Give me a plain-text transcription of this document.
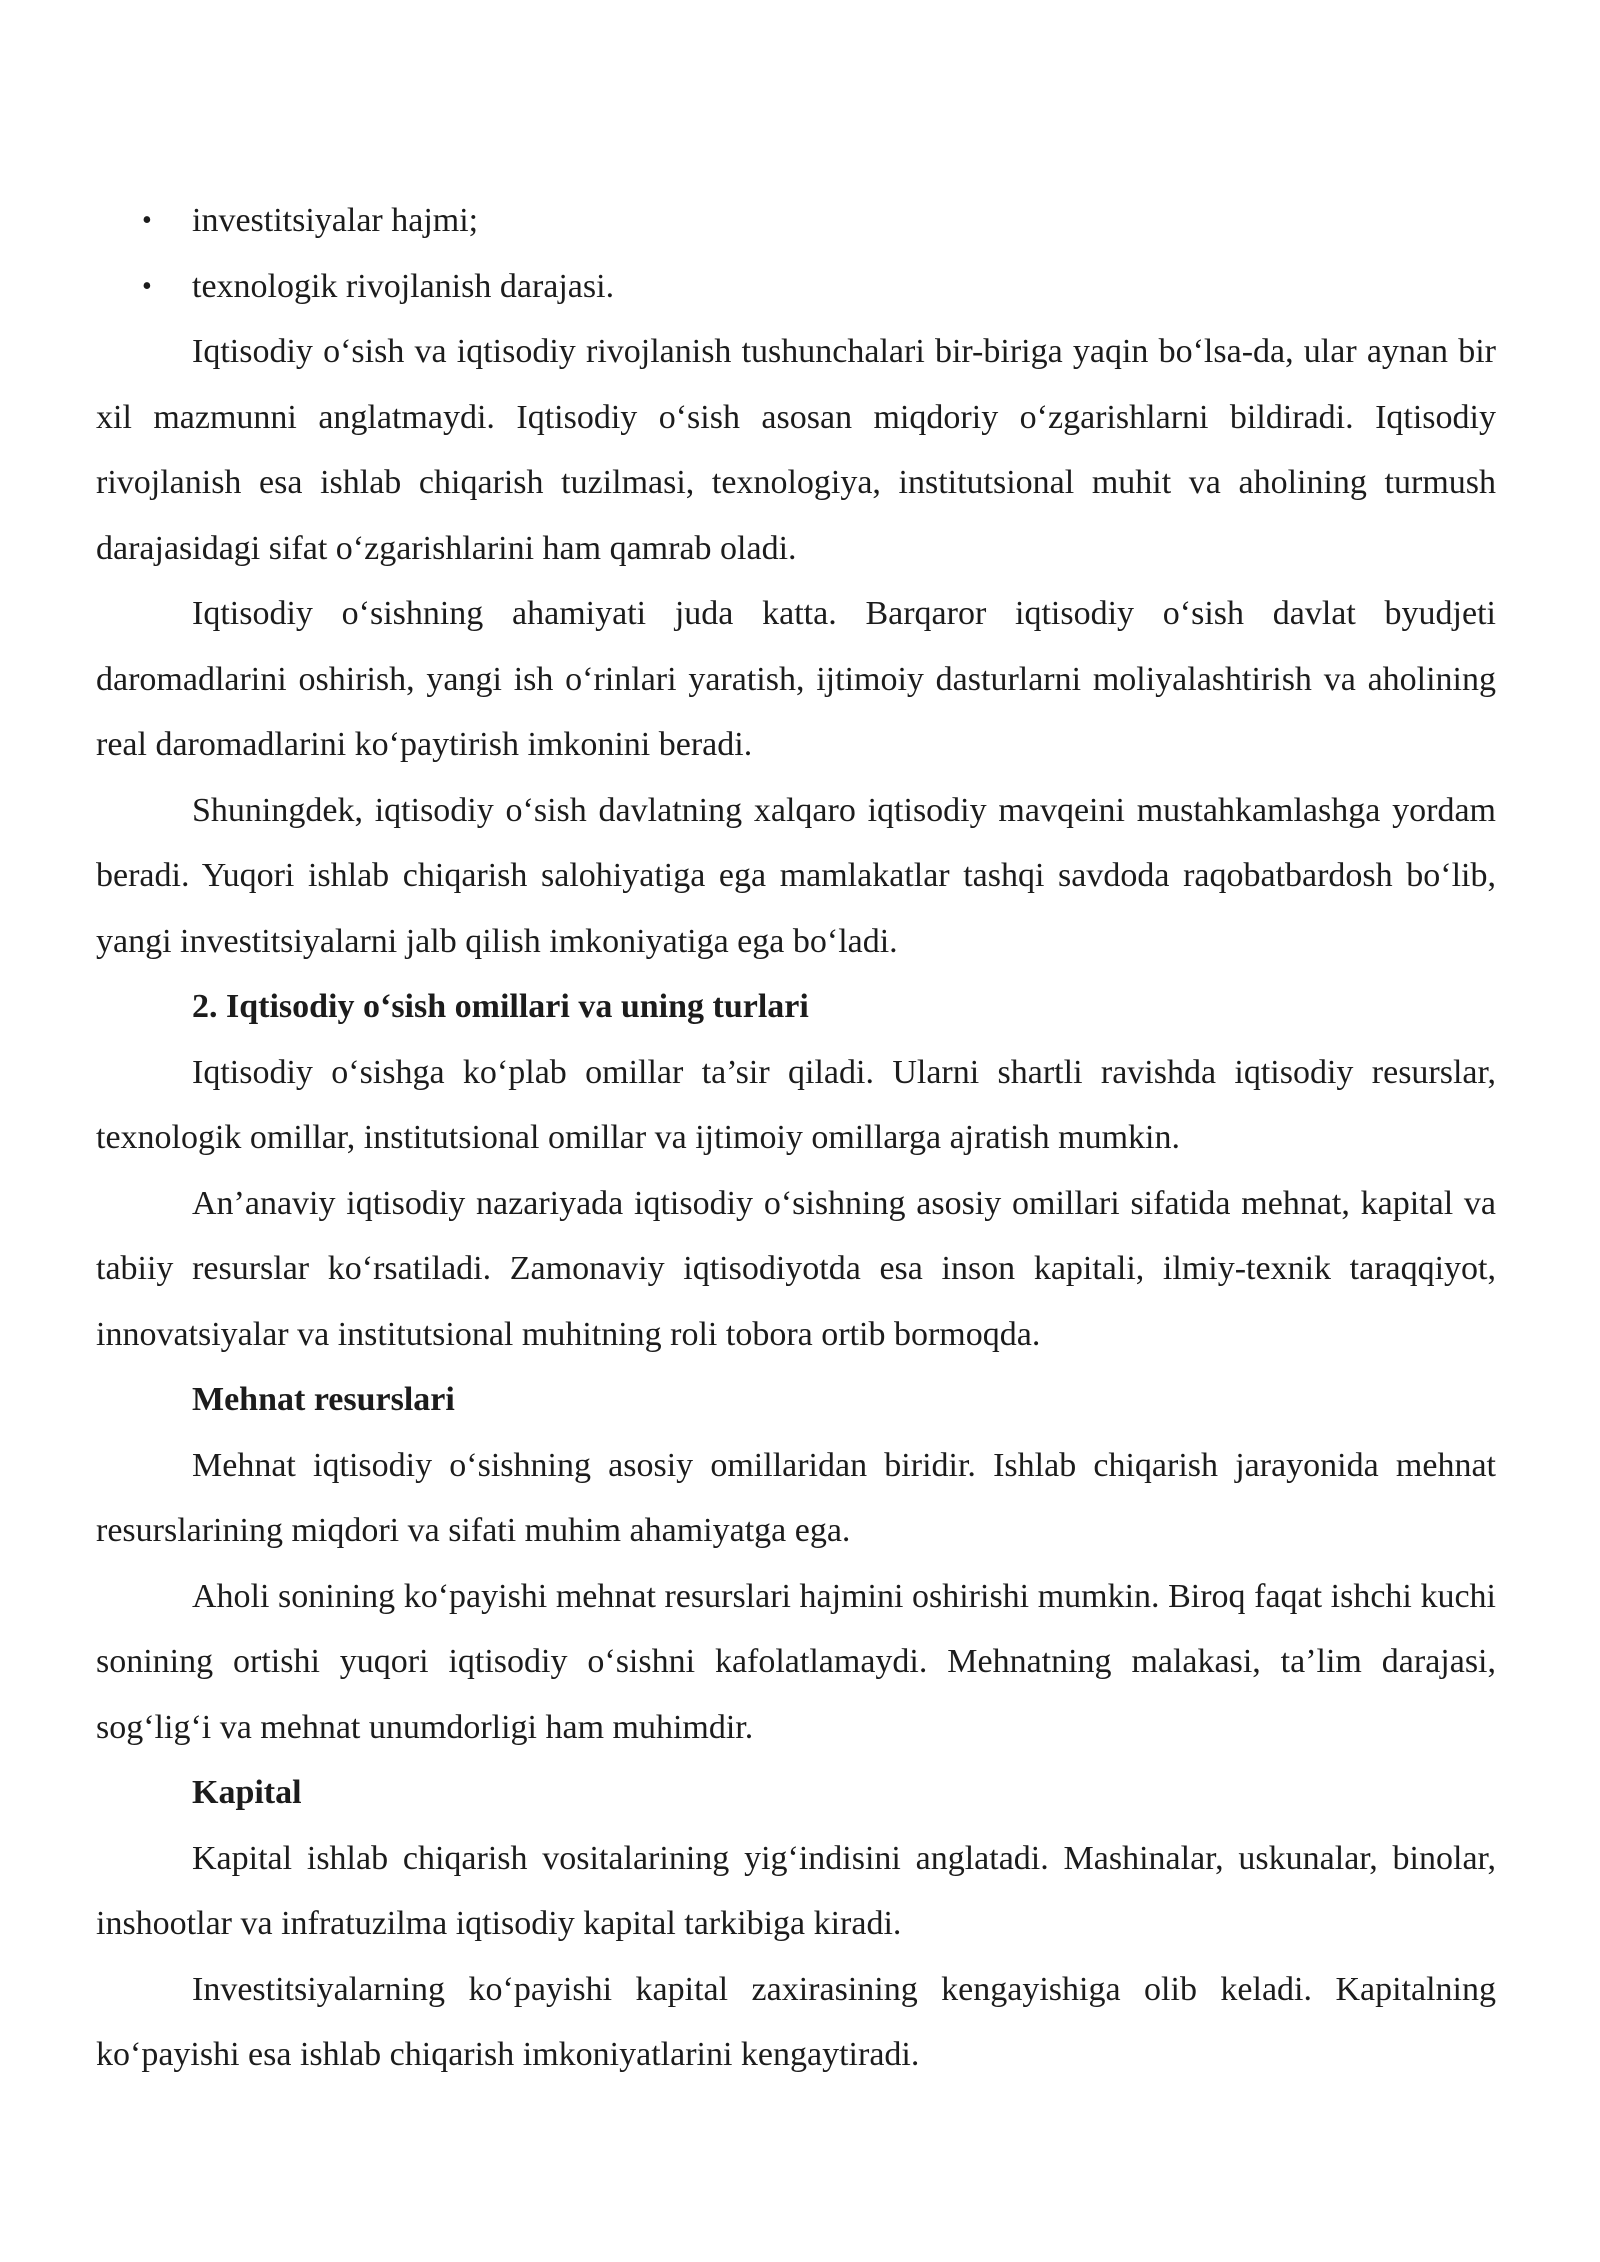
• investitsiyalar hajmi;
• texnologik rivojlanish darajasi.

Iqtisodiy o‘sish va iqtisodiy rivojlanish tushunchalari bir-biriga yaqin bo‘lsa-da, ular aynan bir xil mazmunni anglatmaydi. Iqtisodiy o‘sish asosan miqdoriy o‘zgarishlarni bildiradi. Iqtisodiy rivojlanish esa ishlab chiqarish tuzilmasi, texnologiya, institutsional muhit va aholining turmush darajasidagi sifat o‘zgarishlarini ham qamrab oladi.

Iqtisodiy o‘sishning ahamiyati juda katta. Barqaror iqtisodiy o‘sish davlat byudjeti daromadlarini oshirish, yangi ish o‘rinlari yaratish, ijtimoiy dasturlarni moliyalashtirish va aholining real daromadlarini ko‘paytirish imkonini beradi.

Shuningdek, iqtisodiy o‘sish davlatning xalqaro iqtisodiy mavqeini mustahkamlashga yordam beradi. Yuqori ishlab chiqarish salohiyatiga ega mamlakatlar tashqi savdoda raqobatbardosh bo‘lib, yangi investitsiyalarni jalb qilish imkoniyatiga ega bo‘ladi.

2. Iqtisodiy o‘sish omillari va uning turlari

Iqtisodiy o‘sishga ko‘plab omillar ta’sir qiladi. Ularni shartli ravishda iqtisodiy resurslar, texnologik omillar, institutsional omillar va ijtimoiy omillarga ajratish mumkin.

An’anaviy iqtisodiy nazariyada iqtisodiy o‘sishning asosiy omillari sifatida mehnat, kapital va tabiiy resurslar ko‘rsatiladi. Zamonaviy iqtisodiyotda esa inson kapitali, ilmiy-texnik taraqqiyot, innovatsiyalar va institutsional muhitning roli tobora ortib bormoqda.

Mehnat resurslari

Mehnat iqtisodiy o‘sishning asosiy omillaridan biridir. Ishlab chiqarish jarayonida mehnat resurslarining miqdori va sifati muhim ahamiyatga ega.

Aholi sonining ko‘payishi mehnat resurslari hajmini oshirishi mumkin. Biroq faqat ishchi kuchi sonining ortishi yuqori iqtisodiy o‘sishni kafolatlamaydi. Mehnatning malakasi, ta’lim darajasi, sog‘lig‘i va mehnat unumdorligi ham muhimdir.

Kapital

Kapital ishlab chiqarish vositalarining yig‘indisini anglatadi. Mashinalar, uskunalar, binolar, inshootlar va infratuzilma iqtisodiy kapital tarkibiga kiradi.

Investitsiyalarning ko‘payishi kapital zaxirasining kengayishiga olib keladi. Kapitalning ko‘payishi esa ishlab chiqarish imkoniyatlarini kengaytiradi.
